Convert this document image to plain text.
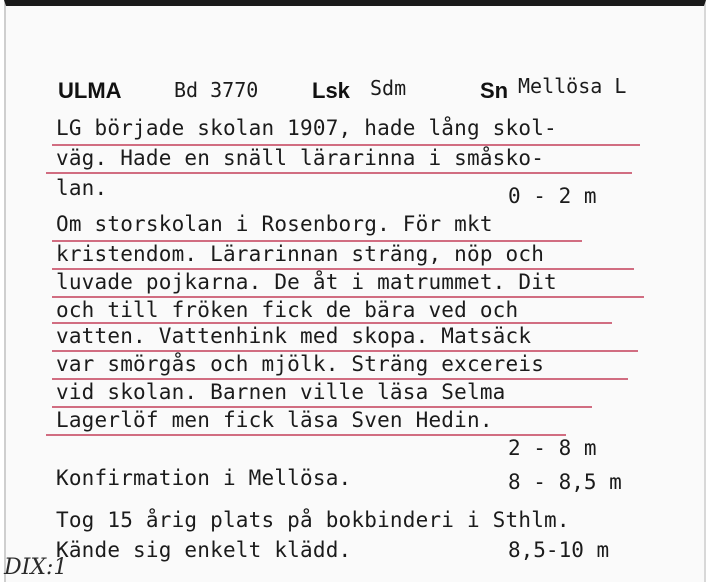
ULMA	Bd 3770 Lsk Sdm	Sn Mellösa L
LG började skolan 1907, hade lång skol-
väg. Hade en snäll lärarinna i småsko-
lan.
Om storskolan i Rosenborg. För mkt
kristendom. Lärarinnan sträng, nöp och
luvade pojkarna. De åt i matrummet. Dit
och till fröken fick de bära ved och
vatten. Vattenhink med skopa. Matsäck
var smörgås och mjölk. Sträng excereis
vid skolan. Barnen ville läsa Selma
Lagerlöf men fick läsa Sven Hedin.
Konfirmation i Mellösa.
Tog 15 årig plats på bokbinderi i Sthlm.
Kände sig enkelt klädd.
0 - 2 m
2 - 8 m
8 - 8,5 m
8,5-10 m
DIX:1
